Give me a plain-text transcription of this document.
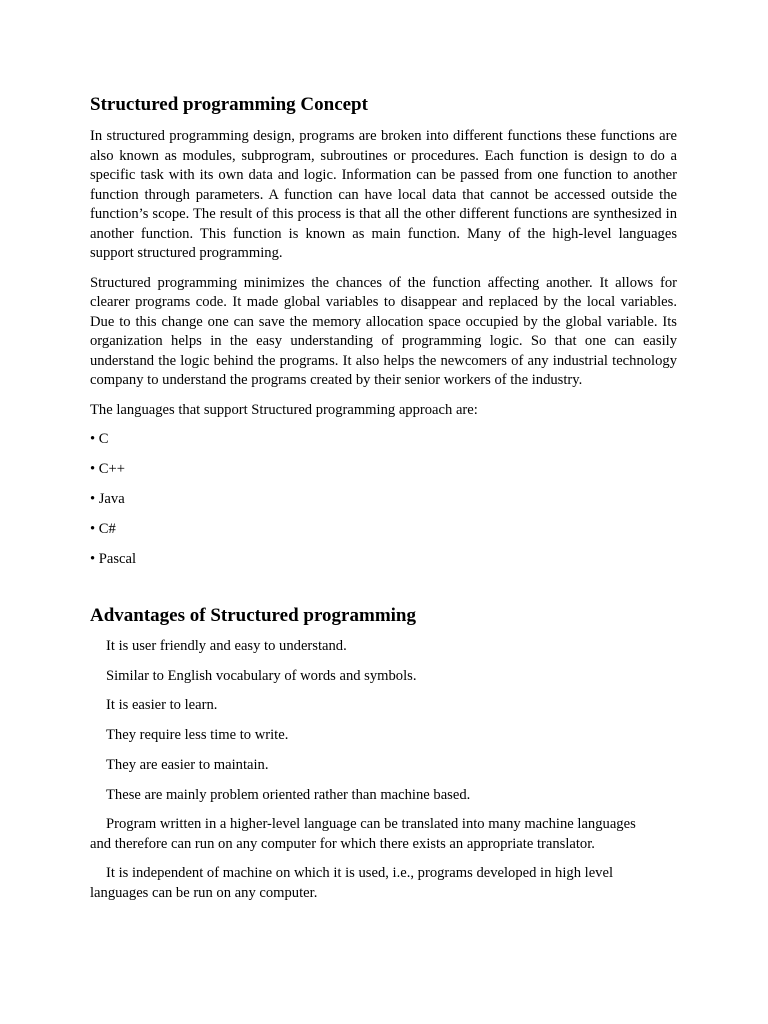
Structured programming Concept

In structured programming design, programs are broken into different functions these functions are also known as modules, subprogram, subroutines or procedures. Each function is design to do a specific task with its own data and logic. Information can be passed from one function to another function through parameters. A function can have local data that cannot be accessed outside the function’s scope. The result of this process is that all the other different functions are synthesized in another function. This function is known as main function. Many of the high-level languages support structured programming.

Structured programming minimizes the chances of the function affecting another. It allows for clearer programs code. It made global variables to disappear and replaced by the local variables. Due to this change one can save the memory allocation space occupied by the global variable. Its organization helps in the easy understanding of programming logic. So that one can easily understand the logic behind the programs. It also helps the newcomers of any industrial technology company to understand the programs created by their senior workers of the industry.

The languages that support Structured programming approach are:

• C
• C++
• Java
• C#
• Pascal
Advantages of Structured programming
It is user friendly and easy to understand.
Similar to English vocabulary of words and symbols.
It is easier to learn.
They require less time to write.
They are easier to maintain.
These are mainly problem oriented rather than machine based.
Program written in a higher-level language can be translated into many machine languages and therefore can run on any computer for which there exists an appropriate translator.
It is independent of machine on which it is used, i.e., programs developed in high level languages can be run on any computer.
